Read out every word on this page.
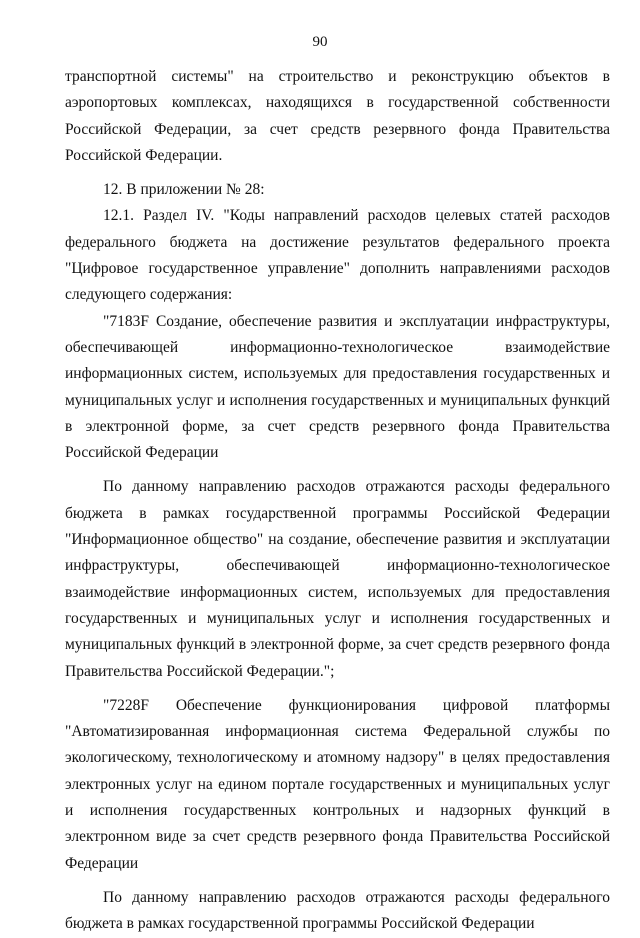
90

транспортной системы" на строительство и реконструкцию объектов в аэропортовых комплексах, находящихся в государственной собственности Российской Федерации, за счет средств резервного фонда Правительства Российской Федерации.

12. В приложении № 28:

12.1. Раздел IV. "Коды направлений расходов целевых статей расходов федерального бюджета на достижение результатов федерального проекта "Цифровое государственное управление" дополнить направлениями расходов следующего содержания:

"7183F Создание, обеспечение развития и эксплуатации инфраструктуры, обеспечивающей информационно-технологическое взаимодействие информационных систем, используемых для предоставления государственных и муниципальных услуг и исполнения государственных и муниципальных функций в электронной форме, за счет средств резервного фонда Правительства Российской Федерации

По данному направлению расходов отражаются расходы федерального бюджета в рамках государственной программы Российской Федерации "Информационное общество" на создание, обеспечение развития и эксплуатации инфраструктуры, обеспечивающей информационно-технологическое взаимодействие информационных систем, используемых для предоставления государственных и муниципальных услуг и исполнения государственных и муниципальных функций в электронной форме, за счет средств резервного фонда Правительства Российской Федерации.";

"7228F Обеспечение функционирования цифровой платформы "Автоматизированная информационная система Федеральной службы по экологическому, технологическому и атомному надзору" в целях предоставления электронных услуг на едином портале государственных и муниципальных услуг и исполнения государственных контрольных и надзорных функций в электронном виде за счет средств резервного фонда Правительства Российской Федерации

По данному направлению расходов отражаются расходы федерального бюджета в рамках государственной программы Российской Федерации
